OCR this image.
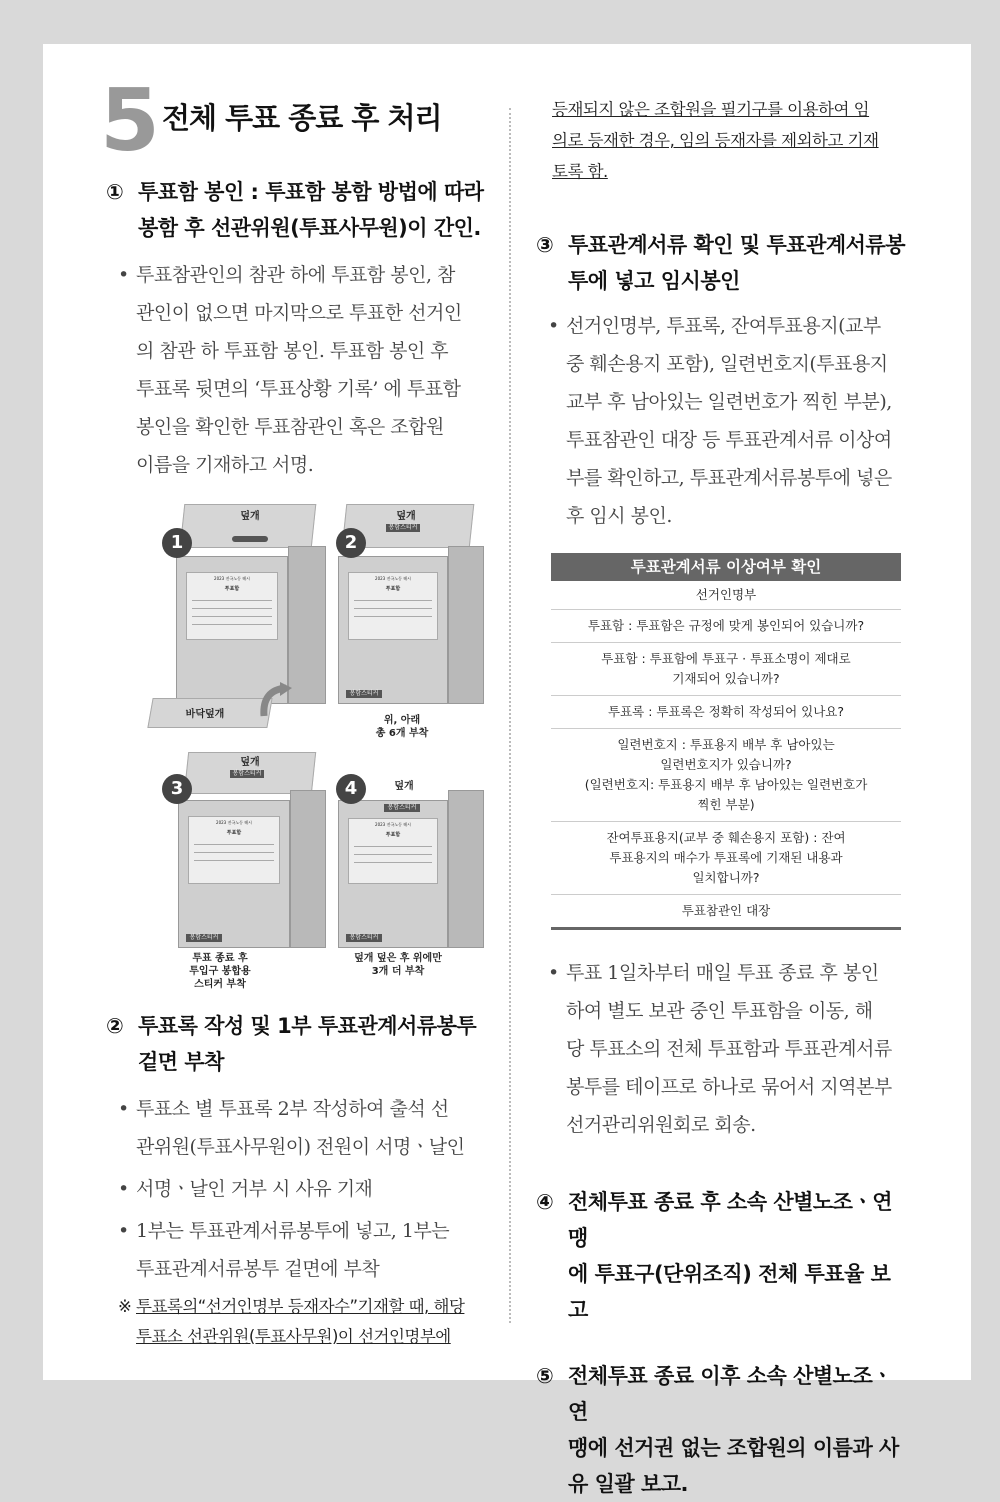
5 전체 투표 종료 후 처리
① 투표함 봉인 : 투표함 봉함 방법에 따라
봉함 후 선관위원(투표사무원)이 간인.
• 투표참관인의 참관 하에 투표함 봉인, 참
관인이 없으면 마지막으로 투표한 선거인
의 참관 하 투표함 봉인. 투표함 봉인 후
투표록 뒷면의 ‘투표상황 기록’ 에 투표함
봉인을 확인한 투표참관인 혹은 조합원
이름을 기재하고 서명.
덮개
2023 전국노동 해시
투표함
바닥덮개
1
덮개
봉함스티커
2023 전국노동 해시
투표함
봉함스티커
위, 아래
총 6개 부착
2
덮개
봉함스티커
2023 전국노동 해시
투표함
봉함스티커
투표 종료 후
투입구 봉합용
스티커 부착
3	덮개
봉함스티커
2023 전국노동 해시
투표함
봉함스티커
덮개 덮은 후 위에만
3개 더 부착
4
② 투표록 작성 및 1부 투표관계서류봉투
겉면 부착
• 투표소 별 투표록 2부 작성하여 출석 선
관위원(투표사무원이) 전원이 서명ㆍ날인
• 서명ㆍ날인 거부 시 사유 기재
• 1부는 투표관계서류봉투에 넣고, 1부는
투표관계서류봉투 겉면에 부착
※ 투표록의“선거인명부 등재자수”기재할 때, 해당
투표소 선관위원(투표사무원)이 선거인명부에
등재되지 않은 조합원을 필기구를 이용하여 임
의로 등재한 경우, 임의 등재자를 제외하고 기재
토록 함.
③ 투표관계서류 확인 및 투표관계서류봉
투에 넣고 임시봉인
• 선거인명부, 투표록, 잔여투표용지(교부
중 훼손용지 포함), 일련번호지(투표용지
교부 후 남아있는 일련번호가 찍힌 부분),
투표참관인 대장 등 투표관계서류 이상여
부를 확인하고, 투표관계서류봉투에 넣은
후 임시 봉인.
투표관계서류 이상여부 확인
선거인명부
투표함 : 투표함은 규정에 맞게 봉인되어 있습니까?
투표함 : 투표함에 투표구 · 투표소명이 제대로
기재되어 있습니까?
투표록 : 투표록은 정확히 작성되어 있나요?
일련번호지 : 투표용지 배부 후 남아있는
일련번호지가 있습니까?
(일련번호지: 투표용지 배부 후 남아있는 일련번호가
찍힌 부분)
잔여투표용지(교부 중 훼손용지 포함) : 잔여
투표용지의 매수가 투표록에 기재된 내용과
일치합니까?
투표참관인 대장
• 투표 1일차부터 매일 투표 종료 후 봉인
하여 별도 보관 중인 투표함을 이동, 해
당 투표소의 전체 투표함과 투표관계서류
봉투를 테이프로 하나로 묶어서 지역본부
선거관리위원회로 회송.
④ 전체투표 종료 후 소속 산별노조ㆍ연맹
에 투표구(단위조직) 전체 투표율 보고
⑤ 전체투표 종료 이후 소속 산별노조ㆍ연
맹에 선거권 없는 조합원의 이름과 사
유 일괄 보고.
